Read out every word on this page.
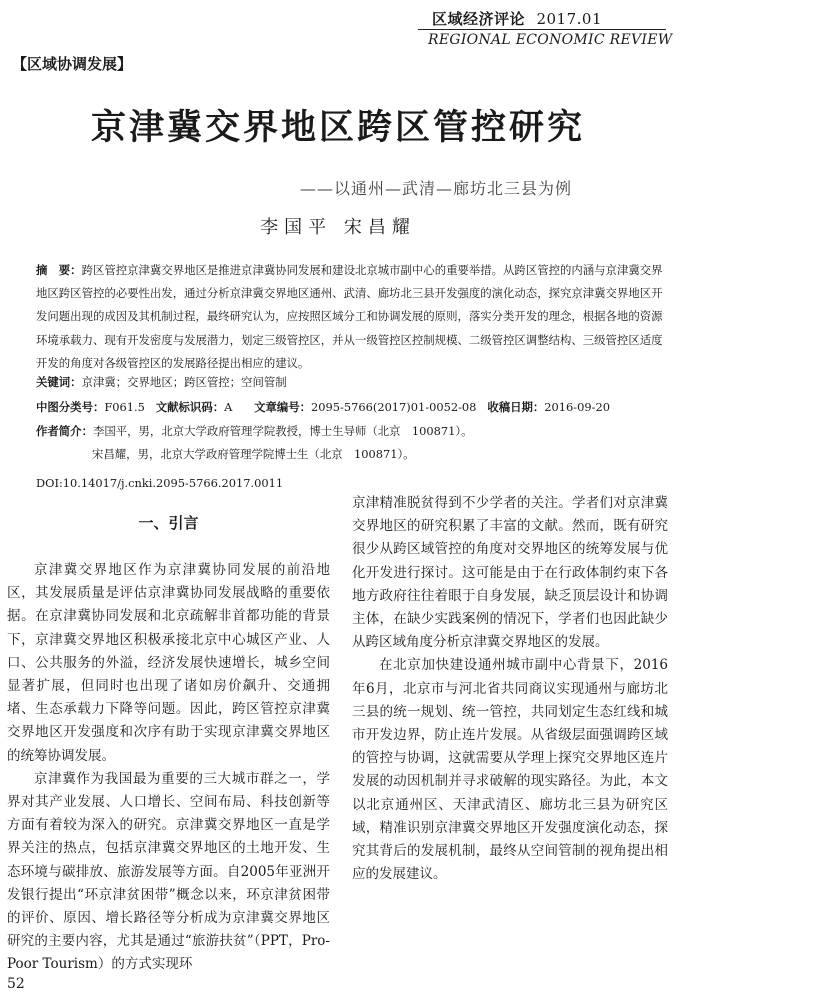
区域经济评论 2017.01
REGIONAL ECONOMIC REVIEW
【区域协调发展】
京津冀交界地区跨区管控研究
——以通州—武清—廊坊北三县为例
李国平 宋昌耀
摘　要：跨区管控京津冀交界地区是推进京津冀协同发展和建设北京城市副中心的重要举措。从跨区管控的内涵与京津冀交界地区跨区管控的必要性出发，通过分析京津冀交界地区通州、武清、廊坊北三县开发强度的演化动态，探究京津冀交界地区开发问题出现的成因及其机制过程，最终研究认为，应按照区域分工和协调发展的原则，落实分类开发的理念，根据各地的资源环境承载力、现有开发密度与发展潜力，划定三级管控区，并从一级管控区控制规模、二级管控区调整结构、三级管控区适度开发的角度对各级管控区的发展路径提出相应的建议。
关键词：京津冀；交界地区；跨区管控；空间管制
中图分类号：F061.5 文献标识码：A 文章编号：2095-5766(2017)01-0052-08 收稿日期：2016-09-20
作者简介：李国平，男，北京大学政府管理学院教授，博士生导师（北京　100871）。
宋昌耀，男，北京大学政府管理学院博士生（北京　100871）。
DOI:10.14017/j.cnki.2095-5766.2017.0011
一、引言

京津冀交界地区作为京津冀协同发展的前沿地区，其发展质量是评估京津冀协同发展战略的重要依据。在京津冀协同发展和北京疏解非首都功能的背景下，京津冀交界地区积极承接北京中心城区产业、人口、公共服务的外溢，经济发展快速增长，城乡空间显著扩展，但同时也出现了诸如房价飙升、交通拥堵、生态承载力下降等问题。因此，跨区管控京津冀交界地区开发强度和次序有助于实现京津冀交界地区的统筹协调发展。

京津冀作为我国最为重要的三大城市群之一，学界对其产业发展、人口增长、空间布局、科技创新等方面有着较为深入的研究。京津冀交界地区一直是学界关注的热点，包括京津冀交界地区的土地开发、生态环境与碳排放、旅游发展等方面。自2005年亚洲开发银行提出“环京津贫困带”概念以来，环京津贫困带的评价、原因、增长路径等分析成为京津冀交界地区研究的主要内容，尤其是通过“旅游扶贫”（PPT，Pro-Poor Tourism）的方式实现环

京津精准脱贫得到不少学者的关注。学者们对京津冀交界地区的研究积累了丰富的文献。然而，既有研究很少从跨区域管控的角度对交界地区的统筹发展与优化开发进行探讨。这可能是由于在行政体制约束下各地方政府往往着眼于自身发展，缺乏顶层设计和协调主体，在缺少实践案例的情况下，学者们也因此缺少从跨区域角度分析京津冀交界地区的发展。

在北京加快建设通州城市副中心背景下，2016年6月，北京市与河北省共同商议实现通州与廊坊北三县的统一规划、统一管控，共同划定生态红线和城市开发边界，防止连片发展。从省级层面强调跨区域的管控与协调，这就需要从学理上探究交界地区连片发展的动因机制并寻求破解的现实路径。为此，本文以北京通州区、天津武清区、廊坊北三县为研究区域，精准识别京津冀交界地区开发强度演化动态，探究其背后的发展机制，最终从空间管制的视角提出相应的发展建议。

52
